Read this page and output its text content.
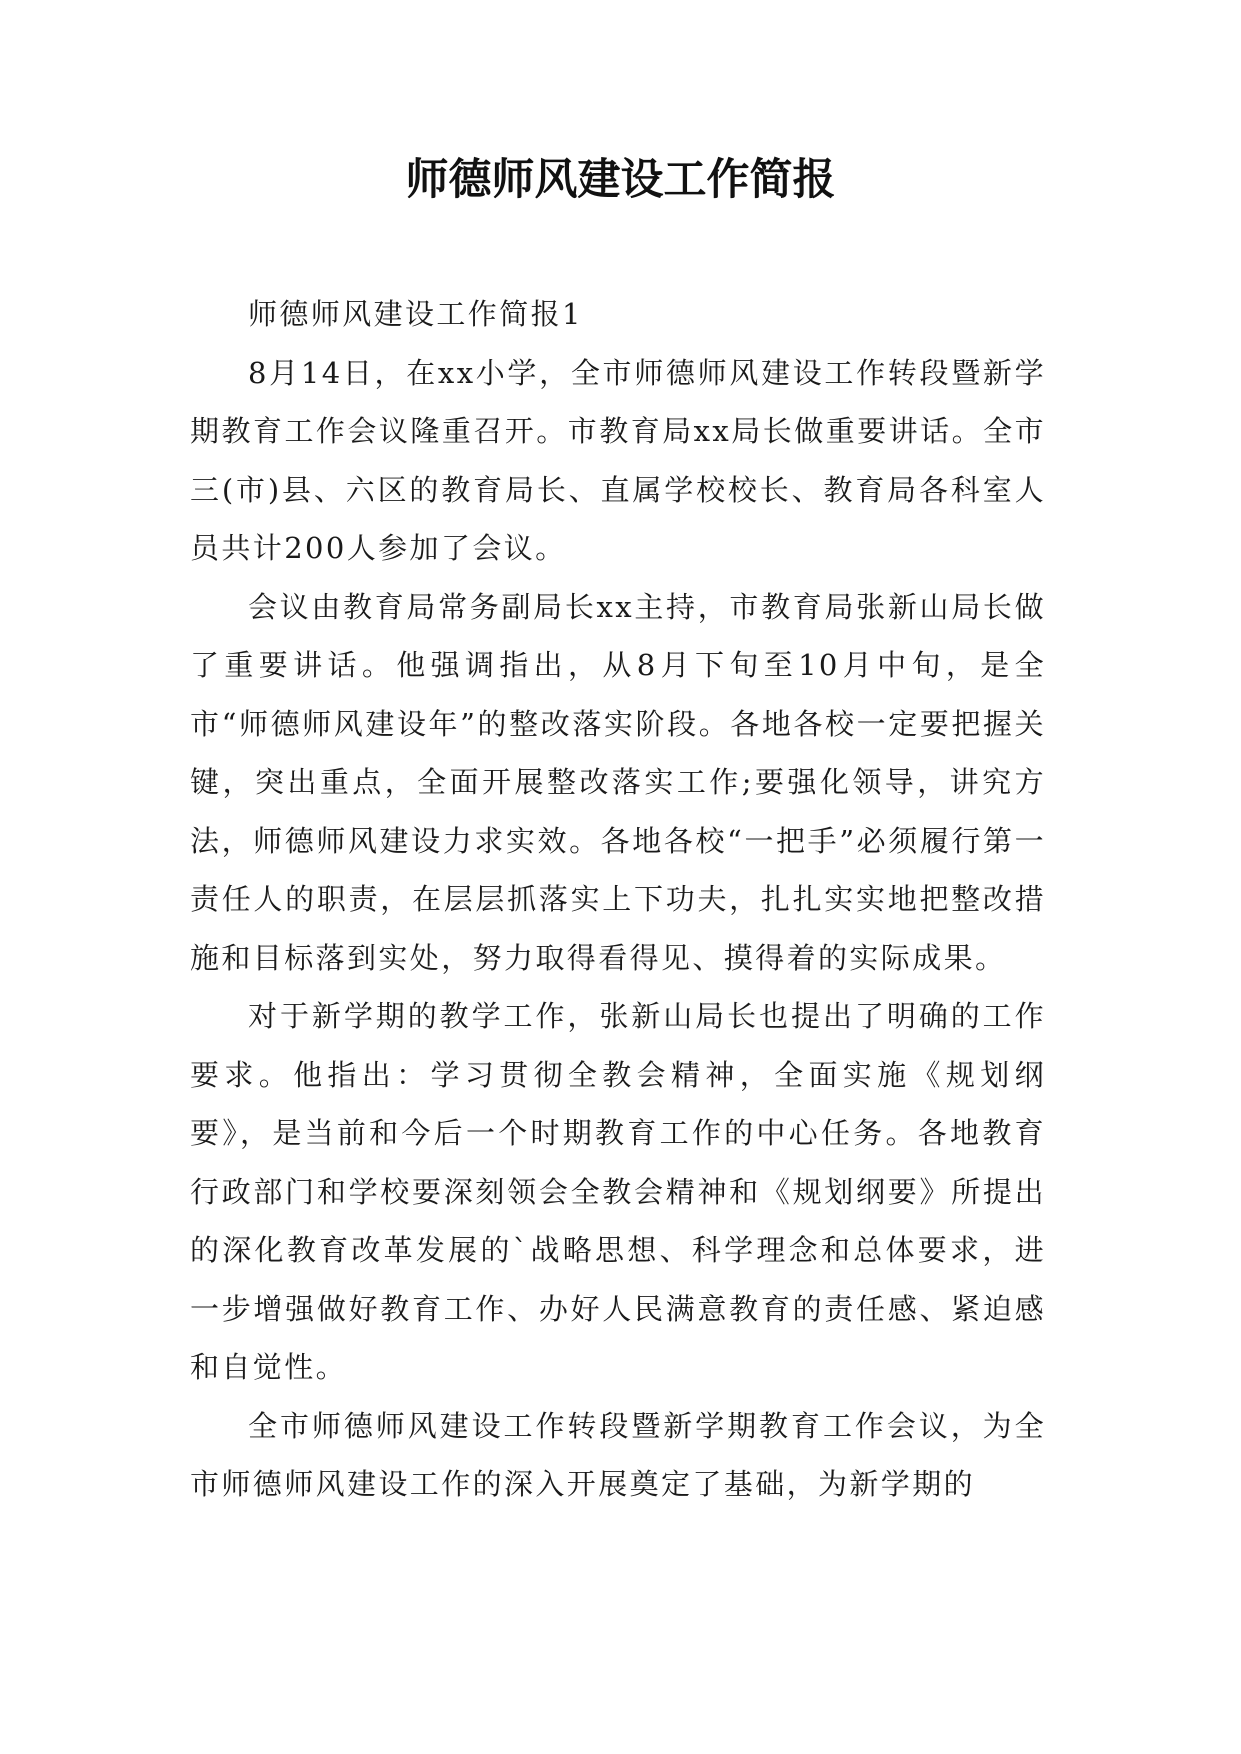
师德师风建设工作简报

师德师风建设工作简报1

8月14日，在xx小学，全市师德师风建设工作转段暨新学期教育工作会议隆重召开。市教育局xx局长做重要讲话。全市三(市)县、六区的教育局长、直属学校校长、教育局各科室人员共计200人参加了会议。

会议由教育局常务副局长xx主持，市教育局张新山局长做了重要讲话。他强调指出，从8月下旬至10月中旬，是全市“师德师风建设年”的整改落实阶段。各地各校一定要把握关键，突出重点，全面开展整改落实工作;要强化领导，讲究方法，师德师风建设力求实效。各地各校“一把手”必须履行第一责任人的职责，在层层抓落实上下功夫，扎扎实实地把整改措施和目标落到实处，努力取得看得见、摸得着的实际成果。

对于新学期的教学工作，张新山局长也提出了明确的工作要求。他指出：学习贯彻全教会精神，全面实施《规划纲要》，是当前和今后一个时期教育工作的中心任务。各地教育行政部门和学校要深刻领会全教会精神和《规划纲要》所提出的深化教育改革发展的`战略思想、科学理念和总体要求，进一步增强做好教育工作、办好人民满意教育的责任感、紧迫感和自觉性。

全市师德师风建设工作转段暨新学期教育工作会议，为全市师德师风建设工作的深入开展奠定了基础，为新学期的
